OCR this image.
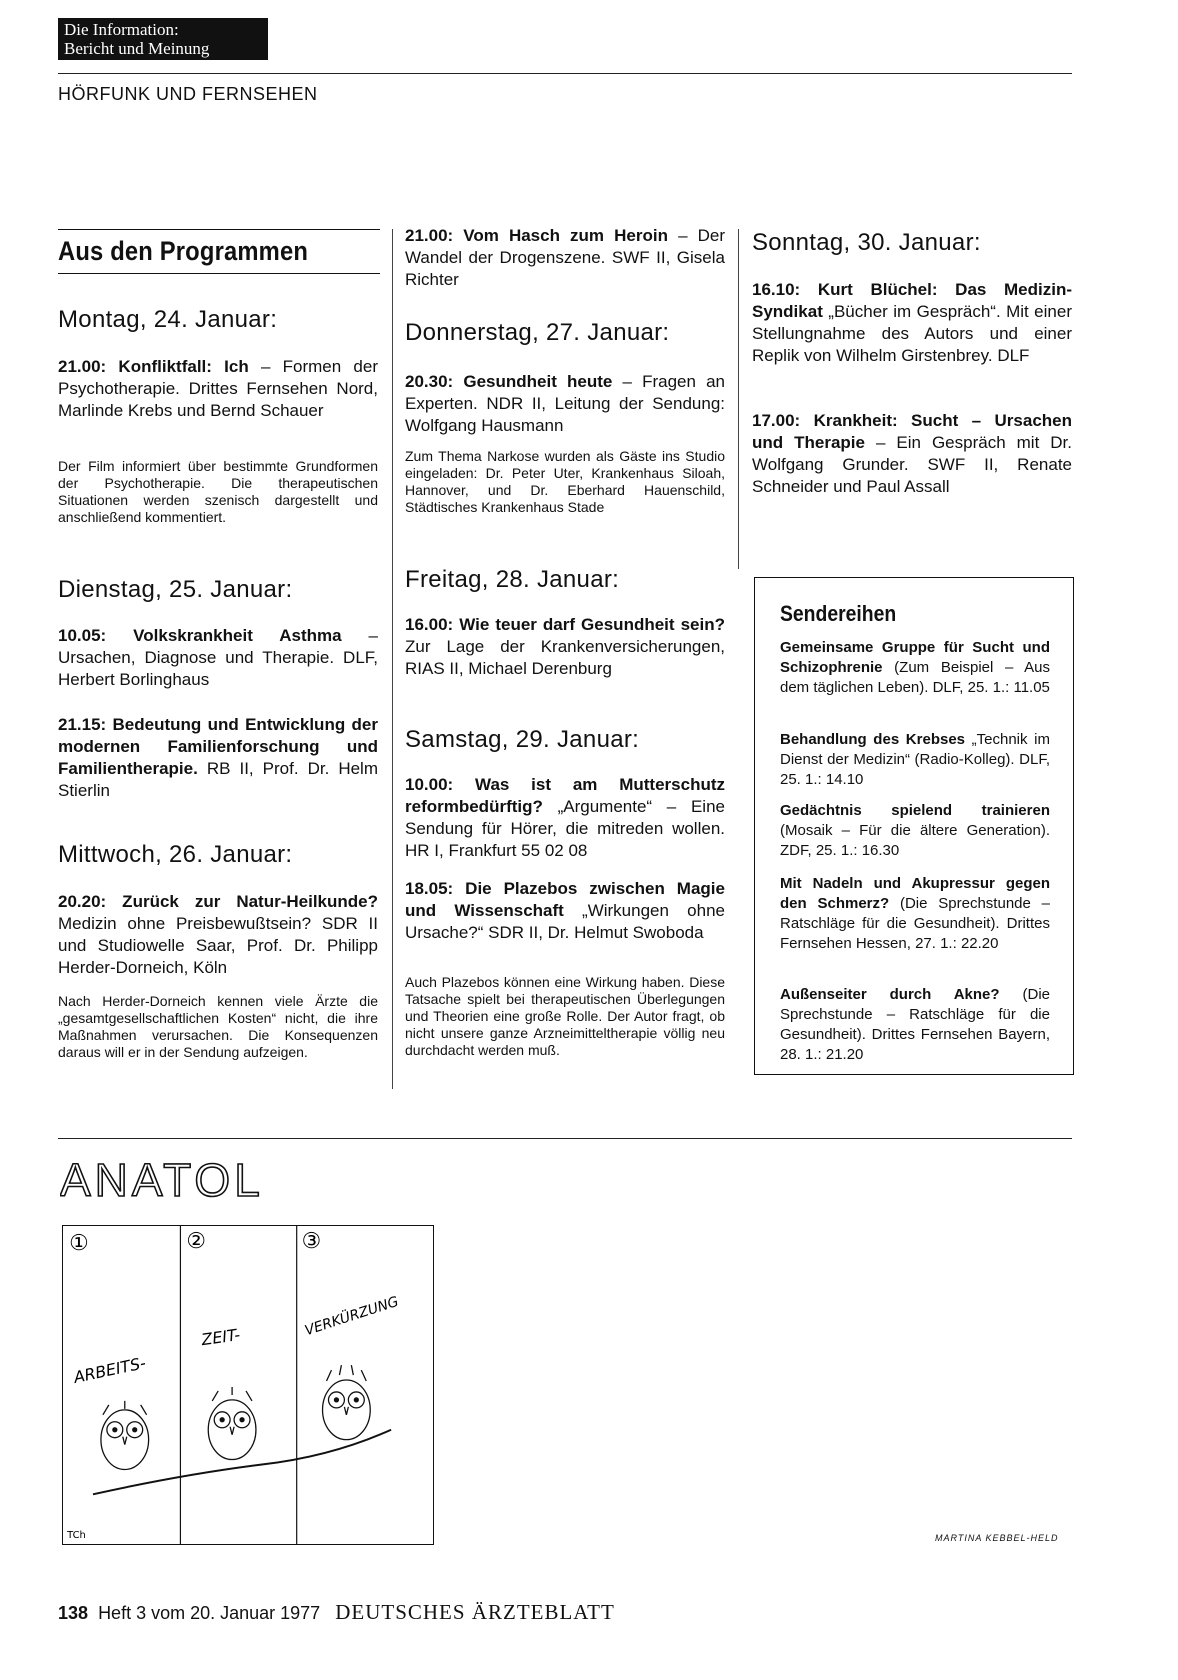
Die Information:
Bericht und Meinung
HÖRFUNK UND FERNSEHEN
Aus den Programmen
Montag, 24. Januar:
21.00: Konfliktfall: Ich – Formen der Psychotherapie. Drittes Fernsehen Nord, Marlinde Krebs und Bernd Schauer
Der Film informiert über bestimmte Grundformen der Psychotherapie. Die therapeutischen Situationen werden szenisch dargestellt und anschließend kommentiert.
Dienstag, 25. Januar:
10.05: Volkskrankheit Asthma – Ursachen, Diagnose und Therapie. DLF, Herbert Borlinghaus
21.15: Bedeutung und Entwicklung der modernen Familienforschung und Familientherapie. RB II, Prof. Dr. Helm Stierlin
Mittwoch, 26. Januar:
20.20: Zurück zur Natur-Heilkunde? Medizin ohne Preisbewußtsein? SDR II und Studiowelle Saar, Prof. Dr. Philipp Herder-Dorneich, Köln
Nach Herder-Dorneich kennen viele Ärzte die „gesamtgesellschaftlichen Kosten“ nicht, die ihre Maßnahmen verursachen. Die Konsequenzen daraus will er in der Sendung aufzeigen.
21.00: Vom Hasch zum Heroin – Der Wandel der Drogenszene. SWF II, Gisela Richter
Donnerstag, 27. Januar:
20.30: Gesundheit heute – Fragen an Experten. NDR II, Leitung der Sendung: Wolfgang Hausmann
Zum Thema Narkose wurden als Gäste ins Studio eingeladen: Dr. Peter Uter, Krankenhaus Siloah, Hannover, und Dr. Eberhard Hauenschild, Städtisches Krankenhaus Stade
Freitag, 28. Januar:
16.00: Wie teuer darf Gesundheit sein? Zur Lage der Krankenversicherungen, RIAS II, Michael Derenburg
Samstag, 29. Januar:
10.00: Was ist am Mutterschutz reformbedürftig? „Argumente“ – Eine Sendung für Hörer, die mitreden wollen. HR I, Frankfurt 55 02 08
18.05: Die Plazebos zwischen Magie und Wissenschaft „Wirkungen ohne Ursache?“ SDR II, Dr. Helmut Swoboda
Auch Plazebos können eine Wirkung haben. Diese Tatsache spielt bei therapeutischen Überlegungen und Theorien eine große Rolle. Der Autor fragt, ob nicht unsere ganze Arzneimitteltherapie völlig neu durchdacht werden muß.
Sonntag, 30. Januar:
16.10: Kurt Blüchel: Das Medizin-Syndikat „Bücher im Gespräch“. Mit einer Stellungnahme des Autors und einer Replik von Wilhelm Girstenbrey. DLF
17.00: Krankheit: Sucht – Ursachen und Therapie – Ein Gespräch mit Dr. Wolfgang Grunder. SWF II, Renate Schneider und Paul Assall
Sendereihen
Gemeinsame Gruppe für Sucht und Schizophrenie (Zum Beispiel – Aus dem täglichen Leben). DLF, 25. 1.: 11.05
Behandlung des Krebses „Technik im Dienst der Medizin“ (Radio-Kolleg). DLF, 25. 1.: 14.10
Gedächtnis spielend trainieren (Mosaik – Für die ältere Generation). ZDF, 25. 1.: 16.30
Mit Nadeln und Akupressur gegen den Schmerz? (Die Sprechstunde – Ratschläge für die Gesundheit). Drittes Fernsehen Hessen, 27. 1.: 22.20
Außenseiter durch Akne? (Die Sprechstunde – Ratschläge für die Gesundheit). Drittes Fernsehen Bayern, 28. 1.: 21.20
ANATOL
①	②	③
ARBEITS-
ZEIT-	VERKÜRZUNG
TCh	MARTINA KEBBEL-HELD
138 Heft 3 vom 20. Januar 1977 DEUTSCHES ÄRZTEBLATT
